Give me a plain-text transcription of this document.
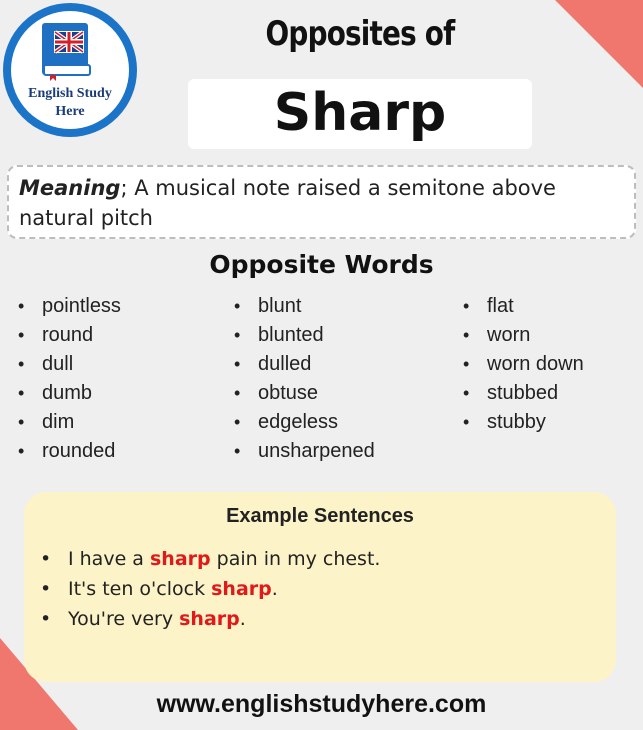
English Study
Here
Opposites of
Sharp
Meaning; A musical note raised a semitone above natural pitch
Opposite Words
• pointless
• round
• dull
• dumb
• dim
• rounded
• blunt
• blunted
• dulled
• obtuse
• edgeless
• unsharpened
• flat
• worn
• worn down
• stubbed
• stubby
Example Sentences
• I have a sharp pain in my chest.
• It's ten o'clock sharp.
• You're very sharp.
www.englishstudyhere.com
